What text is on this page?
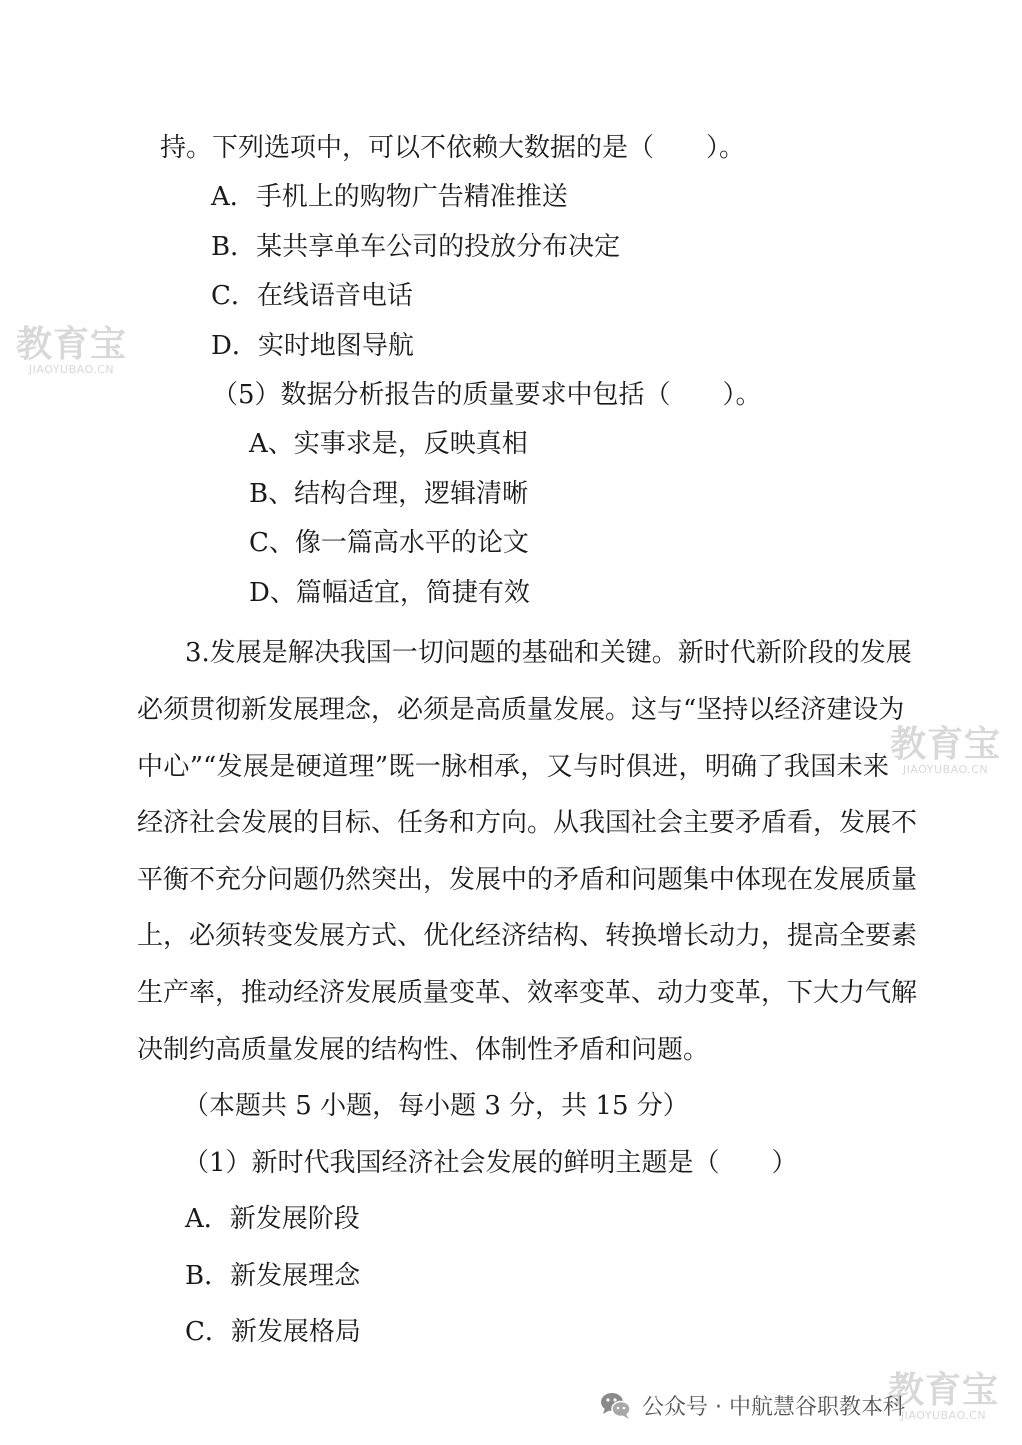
教育宝
JIAOYUBAO.CN
教育宝
JIAOYUBAO.CN
教育宝
JIAOYUBAO.CN
持。下列选项中，可以不依赖大数据的是（　　）。
A．手机上的购物广告精准推送
B．某共享单车公司的投放分布决定
C．在线语音电话
D．实时地图导航
（5）数据分析报告的质量要求中包括（　　）。
A、实事求是，反映真相
B、结构合理，逻辑清晰
C、像一篇高水平的论文
D、篇幅适宜，简捷有效
3.发展是解决我国一切问题的基础和关键。新时代新阶段的发展
必须贯彻新发展理念，必须是高质量发展。这与“坚持以经济建设为
中心”“发展是硬道理”既一脉相承，又与时俱进，明确了我国未来
经济社会发展的目标、任务和方向。从我国社会主要矛盾看，发展不
平衡不充分问题仍然突出，发展中的矛盾和问题集中体现在发展质量
上，必须转变发展方式、优化经济结构、转换增长动力，提高全要素
生产率，推动经济发展质量变革、效率变革、动力变革，下大力气解
决制约高质量发展的结构性、体制性矛盾和问题。
（本题共 5 小题，每小题 3 分，共 15 分）
（1）新时代我国经济社会发展的鲜明主题是（　　）
A．新发展阶段
B．新发展理念
C．新发展格局
公众号 · 中航慧谷职教本科
